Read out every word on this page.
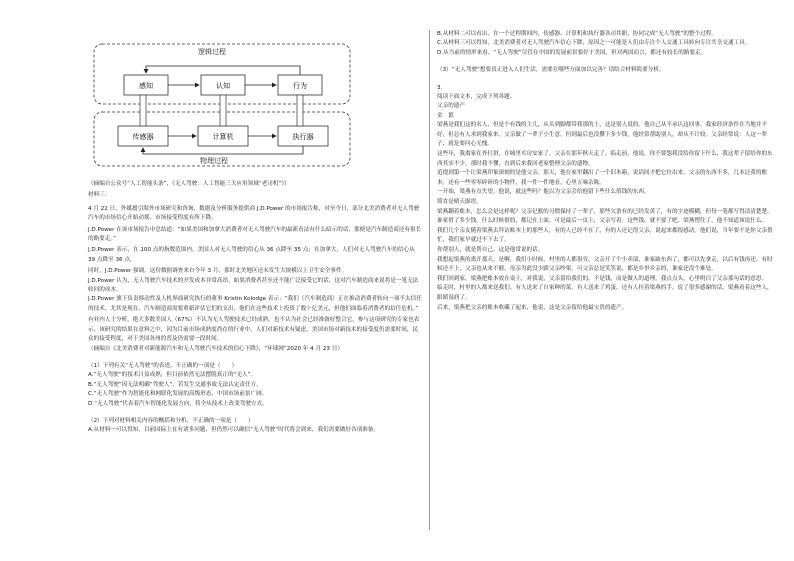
逻辑过程
物理过程
感知	认知	行为
传感器	计算机	执行器

（摘编自公众号“人工智能头条”，《无人驾驶：人工智能三大应用领域“老司机”》）

材料三：

4 月 22 日，外媒援引海外市场研究和咨询、数据及分析服务提供商 J.D.Power 的市场报告称，对至今日，部分北美消费者对无人驾驶汽车的市场信心开始动摇，市场接受程度有所下降。

J.D.Power 在该市场报告中总结道：“如果美国和加拿大消费者对无人驾驶汽车的最新看法有什么暗示的话，那便是汽车制造商还有很长的路要走。”

J.D.Power 表示，在 100 点的指数范围内，美国人对无人驾驶的信心从 36 点降至 35 点；在加拿大，人们对无人驾驶汽车的信心从 39 点降至 36 点。

同时，J.D.Power 强调，这份数据调查来自今年 3 月，那时北美地区还未发生大规模以上卫生安全事件。

J.D.Power 认为，无人驾驶汽车技术的开发成本非常高昂，如果消费者甚至还不能广泛接受它的话，这对汽车制造商来说将是一笔无法收回的成本。

J.D.Power 旗下负责移动性及人机界面研究执行的董事 Kristin Kolodge 表示：“我们（汽车制造商）正在推动消费者转向一项不太信任的技术。尤其是现在，汽车制造商需要重新评估它们的支出，他们在这些技术上投资了数十亿美元，但他们面临着消费者的信任危机。”

有业内人士分析，绝大多数美国人（67%）不认为无人驾驶技术已经成熟，也不认为社会已经准备好整合它，参与这项研究的专家也表示，该研究的结果在意料之中，因为目前市场成熟度尚存的行业中，人们对新技术有疑虑，美国市场对新技术的接受度仍需要时间，民众的接受程度，对于美国各州的普及仍需要一段时间。

（摘编自《北美消费者对新能源汽车和无人驾驶汽车技术的信心下降》，“环球网”2020 年 4 月 23 日）

（1）下列有关“无人驾驶”的表述，不正确的一项是（　　）

A.“无人驾驶”的技术日益成熟，但目前依然无法摆脱真正的“无人”。

B.“无人驾驶”因无法明确“驾驶人”，若发生交通事故无法认定责任方。

C.“无人驾驶”作为智能化和网联化发展的高级形态，中国市场前景广阔。

D.“无人驾驶”代表着汽车智能化发展方向，将全从技术上改变驾驶方式。

（2）下列对材料相关内容的概括和分析，不正确的一项是（　　）

A.从材料一可以得知，目前国际上在有诸多问题，但仍然可以确信“无人驾驶”时代将会到来，我们需要做好各项准备。

B.从材料二可以看出，在一个过程期间内，传感器、计算机和执行器各司其职，协同完成“无人驾驶”的整个过程。

C.从材料三可以得知，北美消费者对无人驾驶汽车信心下降，原因之一可能是人们由专注个人交通工具转向专注共享交通工具。

D.从当前的情形来看，“无人驾驶”尽管在中国的发展前景要好于美国，但对两国而言，都还有较长的路要走。

（3）“无人驾驶”想要真正进入人们生活，需要在哪些方面加以完善？请结合材料简要分析。

3.

阅读下面文本，完成下列各题。

父亲的遗产

金　繁

梁燕是我们这的名人，但是个有钱的主儿，从头到脚都带我那的土，这是别人说的。他自己从不承认这回事。我家经济条件在当地并不好，但总有人求到我家来。父亲做了一辈子小生意，但到最后也没攒下多少钱。他经常帮助别人，却从不计较。父亲经常说：人这一辈子，就是要问心无愧。

这些年，我离家在外打拼，在城里买房安家了。父亲在那年秋天走了，临走前，他说，你不要怨我没给你留下什么，我这辈子留给你的东西其实不少。那时我不懂，直到后来我回老家整理父亲的遗物。

追提到第一个让梁燕印象深刻的是他父亲。那天，他在家里翻出了一个旧木箱，说话间才把它拉出来。父亲的东西不多，几本泛黄的账本，还有一些零零碎碎的小物件，我一件一件地看，心里五味杂陈。

一开始，梁燕有点失望。他说，就这些吗？他以为父亲会给他留下些什么值钱的东西。

简直是晴天霹雳。

梁燕翻着账本，怎么会是这样呢？父亲记账的习惯保持了一辈子，那些欠条有的已经发黄了，有的字迹模糊，但每一笔都写得清清楚楚。谁家借了多少钱，什么时候借的，都记在上面。可是最后一页上，父亲写着：这些钱，就不要了吧。梁燕愣住了，他不知道该说什么。

我们几个亲友随着梁燕去拜访账本上的那些人，有的人已经不在了，有的人还记得父亲，说起来都很感动。他们说，当年要不是你父亲帮忙，我们家早就过不下去了。

你帮别人，就是帮自己，这是他常说的话。

我想起梁燕的离开那天。是啊，我们小时候，村里的人都很穷，父亲开了个小卖部，谁家缺东西了，都可以先拿走，以后有钱再还。有时候还不上，父亲也从来不催。母亲为此没少跟父亲吵架，可父亲总是笑笑说，都是乡里乡亲的，谁家还没个难处。

我们回到家，梁燕把账本放在桌上，对我说，父亲留给我们的，不是钱，而是做人的道理。我点点头，心里明白了父亲那句话的意思。

临走时，村里的人都来送我们。有人送来了自家种的菜，有人送来了鸡蛋，还有人拉着梁燕的手，说了很多感谢的话。梁燕看着这些人，眼睛湿润了。

后来，梁燕把父亲的账本收藏了起来，他说，这是父亲留给他最宝贵的遗产。
